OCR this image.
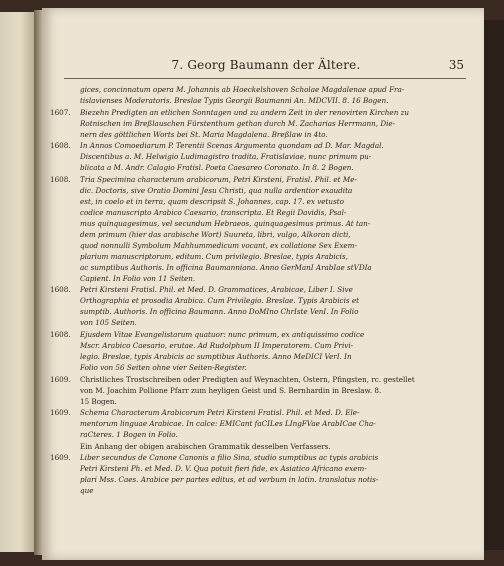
7. Georg Baumann der Ältere.	35
gices, concinnatum opera M. Johannis ab Hoeckelshoven Scholae Magdalenae apud Fra-
tislavienses Moderatoris. Breslae Typis Georgii Baumanni An. MDCVII. 8. 16 Bogen.
1607.	Biezehn Predigten an etlichen Sonntagen und zu andern Zeit in der renovirten Kirchen zu
Rotnischen im Breßlauschen Fürstenthum gethan durch M. Zacharias Herrmann, Die-
nern des göttlichen Worts bei St. Maria Magdalena. Breßlaw in 4to.
1608.	In Annos Comoediarum P. Terentii Scenas Argumenta quondam ad D. Mar. Magdal.
Discentibus a. M. Helwigio Ludimagistro tradita, Fratislaviae, nunc primum pu-
blicata a M. Andr. Calagio Fratisl. Poeta Caesareo Coronato. In 8. 2 Bogen.
1608.	Tria Specimina characterum arabicorum, Petri Kirsteni, Fratisl. Phil. et Me-
dic. Doctoris, sive Oratio Domini Jesu Christi, qua nulla ardentior exaudita
est, in coelo et in terra, quam descripsit S. Johannes, cap. 17. ex vetusto
codice manuscripto Arabico Caesario, transcripta. Et Regii Davidis, Psal-
mus quinquagesimus, vel secundum Hebraeos, quinquagesimus primus. At tan-
dem primum (hier das arabische Wort) Suureta, libri, vulgo, Alkoran dicti,
quod nonnulli Symbolum Mahhummedicum vocant, ex collatione Sex Exem-
plarium manuscriptorum, editum. Cum privilegio. Breslae, typis Arabicis,
ac sumptibus Authoris. In officina Baumanniana. Anno GerManI ArabIae stVDIa
Capient. In Folio von 11 Seiten.
1608.	Petri Kirsteni Fratisl. Phil. et Med. D. Grammatices, Arabicae, Liber I. Sive
Orthographia et prosodia Arabica. Cum Privilegio. Breslae. Typis Arabicis et
sumptib. Authoris. In officina Baumann. Anno DoMIno ChrIste VenI. In Folio
von 105 Seiten.
1608.	Ejusdem Vitae Evangelistarum quatuor: nunc primum, ex antiquissimo codice
Mscr. Arabico Caesario, erutae. Ad Rudolphum II Imperatorem. Cum Privi-
legio. Breslae, typis Arabicis ac sumptibus Authoris. Anno MeDICI VerI. In
Folio von 56 Seiten ohne vier Seiten-Register.
1609.	Christliches Trostschreiben oder Predigten auf Weynachten, Ostern, Pfingsten, rc. gestellet
von M. Joachim Pollione Pfarr zum heyligen Geist und S. Bernhardin in Breslaw. 8.
15 Bogen.
1609.	Schema Characterum Arabicorum Petri Kirsteni Fratisl. Phil. et Med. D. Ele-
mentorum linguae Arabicae. In calce: EMICant faCILes LIngFVae ArabICae Cha-
raCteres. 1 Bogen in Folio.
Ein Anhang der obigen arabischen Grammatik desselben Verfassers.
1609.	Liber secundus de Canone Canonis a filio Sina, studio sumptibus ac typis arabicis
Petri Kirsteni Ph. et Med. D. V. Qua potuit fieri fide, ex Asiatico Africano exem-
plari Mss. Caes. Arabice per partes editus, et ad verbum in latin. translatus notis-
que
